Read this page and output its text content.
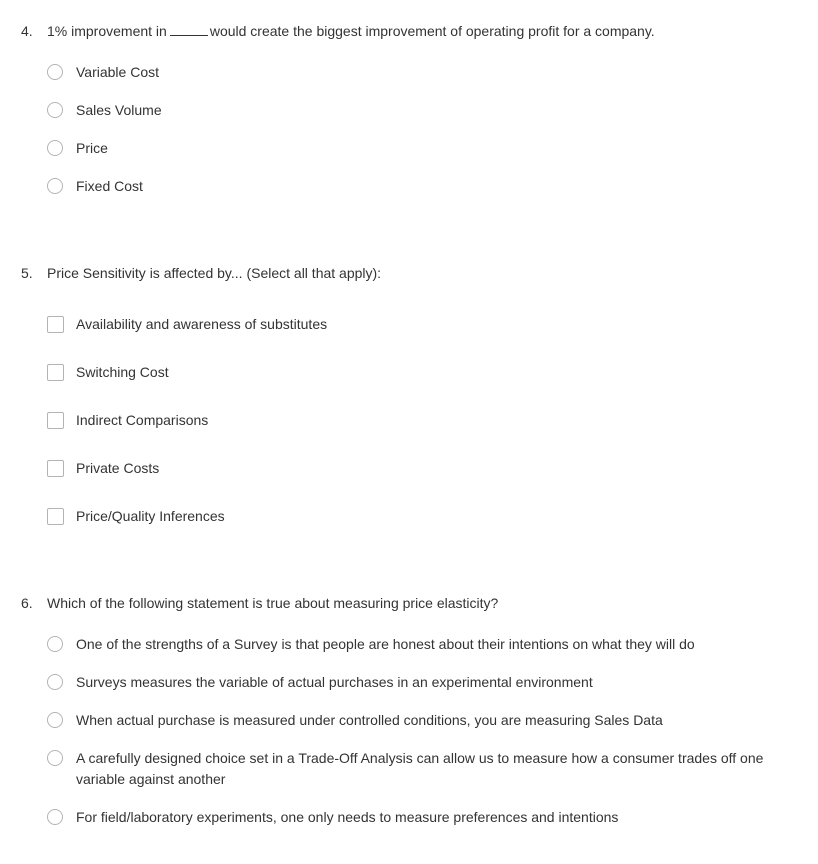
4.	1% improvement in	would create the biggest improvement of operating profit for a company.
Variable Cost
Sales Volume
Price
Fixed Cost
5.	Price Sensitivity is affected by... (Select all that apply):
Availability and awareness of substitutes
Switching Cost
Indirect Comparisons
Private Costs
Price/Quality Inferences
6.	Which of the following statement is true about measuring price elasticity?
One of the strengths of a Survey is that people are honest about their intentions on what they will do
Surveys measures the variable of actual purchases in an experimental environment
When actual purchase is measured under controlled conditions, you are measuring Sales Data
A carefully designed choice set in a Trade-Off Analysis can allow us to measure how a consumer trades off one variable against another
For field/laboratory experiments, one only needs to measure preferences and intentions
